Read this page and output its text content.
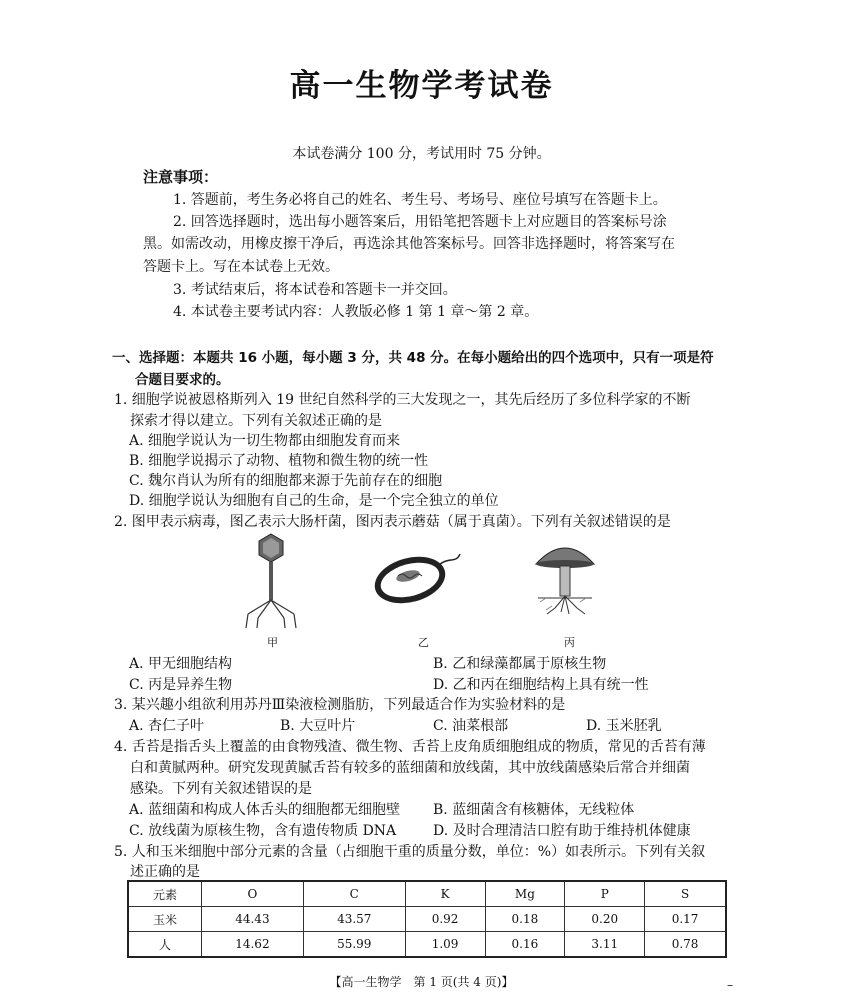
高一生物学考试卷
本试卷满分 100 分，考试用时 75 分钟。
注意事项：
1. 答题前，考生务必将自己的姓名、考生号、考场号、座位号填写在答题卡上。
2. 回答选择题时，选出每小题答案后，用铅笔把答题卡上对应题目的答案标号涂
黑。如需改动，用橡皮擦干净后，再选涂其他答案标号。回答非选择题时，将答案写在
答题卡上。写在本试卷上无效。
3. 考试结束后，将本试卷和答题卡一并交回。
4. 本试卷主要考试内容：人教版必修 1 第 1 章～第 2 章。
一、选择题：本题共 16 小题，每小题 3 分，共 48 分。在每小题给出的四个选项中，只有一项是符
合题目要求的。
1. 细胞学说被恩格斯列入 19 世纪自然科学的三大发现之一，其先后经历了多位科学家的不断
探索才得以建立。下列有关叙述正确的是
A. 细胞学说认为一切生物都由细胞发育而来
B. 细胞学说揭示了动物、植物和微生物的统一性
C. 魏尔肖认为所有的细胞都来源于先前存在的细胞
D. 细胞学说认为细胞有自己的生命，是一个完全独立的单位
2. 图甲表示病毒，图乙表示大肠杆菌，图丙表示蘑菇（属于真菌）。下列有关叙述错误的是
甲	乙	丙
A. 甲无细胞结构	B. 乙和绿藻都属于原核生物
C. 丙是异养生物	D. 乙和丙在细胞结构上具有统一性
3. 某兴趣小组欲利用苏丹Ⅲ染液检测脂肪，下列最适合作为实验材料的是
A. 杏仁子叶	B. 大豆叶片	C. 油菜根部	D. 玉米胚乳
4. 舌苔是指舌头上覆盖的由食物残渣、微生物、舌苔上皮角质细胞组成的物质，常见的舌苔有薄
白和黄腻两种。研究发现黄腻舌苔有较多的蓝细菌和放线菌，其中放线菌感染后常合并细菌
感染。下列有关叙述错误的是
A. 蓝细菌和构成人体舌头的细胞都无细胞壁 B. 蓝细菌含有核糖体，无线粒体
C. 放线菌为原核生物，含有遗传物质 DNA	D. 及时合理清洁口腔有助于维持机体健康
5. 人和玉米细胞中部分元素的含量（占细胞干重的质量分数，单位：%）如表所示。下列有关叙
述正确的是
元素	O	C	K	Mg	P	S
玉米	44.43	43.57	0.92	0.18	0.20	0.17
人	14.62	55.99	1.09	0.16	3.11	0.78
【高一生物学　第 1 页(共 4 页)】	–
